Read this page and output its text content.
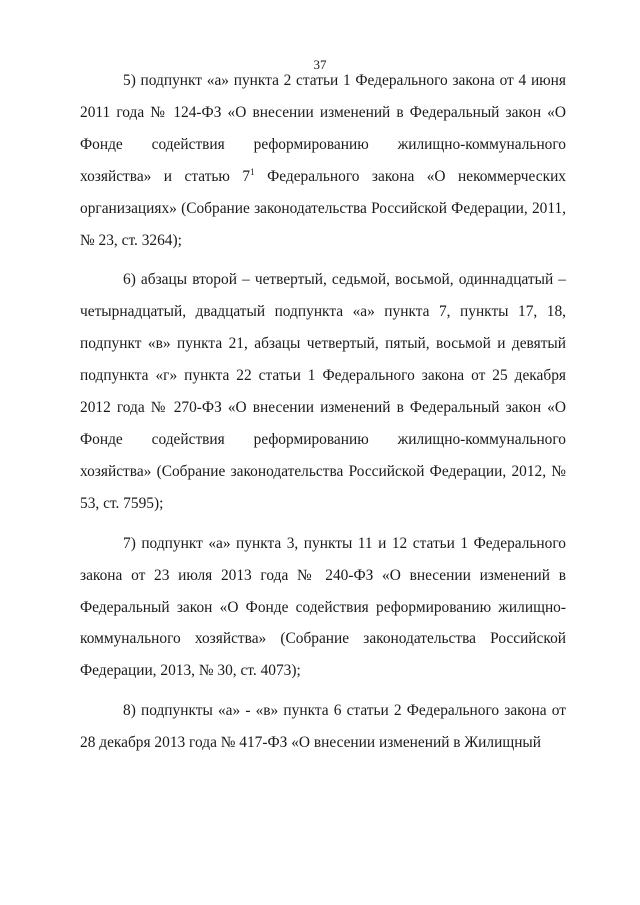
37

5) подпункт «а» пункта 2 статьи 1 Федерального закона от 4 июня 2011 года № 124-ФЗ «О внесении изменений в Федеральный закон «О Фонде содействия реформированию жилищно-коммунального хозяйства» и статью $7^1$ Федерального закона «О некоммерческих организациях» (Собрание законодательства Российской Федерации, 2011, № 23, ст. 3264);

6) абзацы второй – четвертый, седьмой, восьмой, одиннадцатый – четырнадцатый, двадцатый подпункта «а» пункта 7, пункты 17, 18, подпункт «в» пункта 21, абзацы четвертый, пятый, восьмой и девятый подпункта «г» пункта 22 статьи 1 Федерального закона от 25 декабря 2012 года № 270-ФЗ «О внесении изменений в Федеральный закон «О Фонде содействия реформированию жилищно-коммунального хозяйства» (Собрание законодательства Российской Федерации, 2012, № 53, ст. 7595);

7) подпункт «а» пункта 3, пункты 11 и 12 статьи 1 Федерального закона от 23 июля 2013 года № 240-ФЗ «О внесении изменений в Федеральный закон «О Фонде содействия реформированию жилищно-коммунального хозяйства» (Собрание законодательства Российской Федерации, 2013, № 30, ст. 4073);

8) подпункты «а» - «в» пункта 6 статьи 2 Федерального закона от 28 декабря 2013 года № 417-ФЗ «О внесении изменений в Жилищный
